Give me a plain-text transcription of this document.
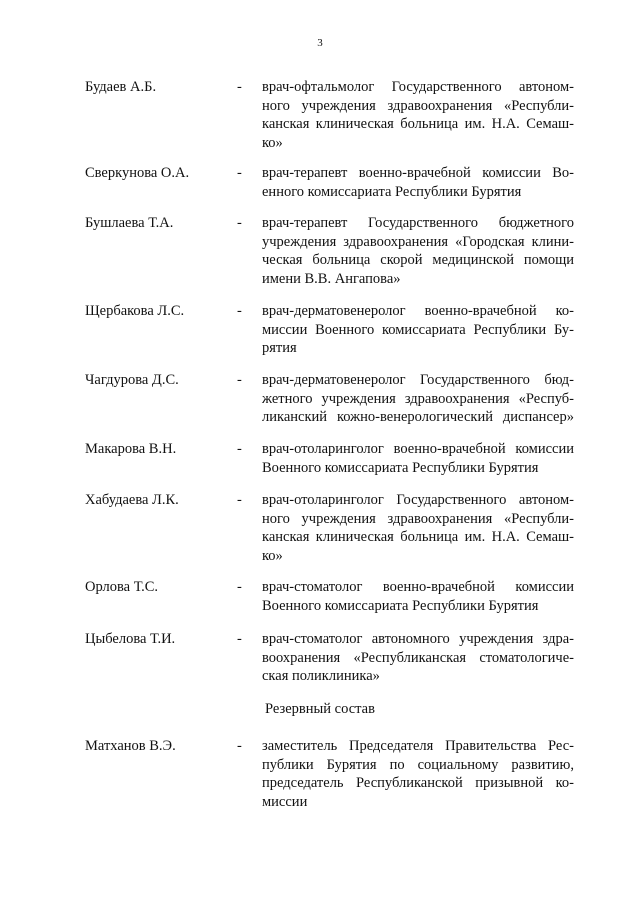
3
Будаев А.Б.	- врач-офтальмолог Государственного автоном-
ного учреждения здравоохранения «Республи-
канская клиническая больница им. Н.А. Семаш-
ко»
Сверкунова О.А.	- врач-терапевт военно-врачебной комиссии Во-
енного комиссариата Республики Бурятия
Бушлаева Т.А.	- врач-терапевт Государственного бюджетного
учреждения здравоохранения «Городская клини-
ческая больница скорой медицинской помощи
имени В.В. Ангапова»
Щербакова Л.С.	- врач-дерматовенеролог военно-врачебной ко-
миссии Военного комиссариата Республики Бу-
рятия
Чагдурова Д.С.	- врач-дерматовенеролог Государственного бюд-
жетного учреждения здравоохранения «Респуб-
ликанский кожно-венерологический диспансер»
Макарова В.Н.	- врач-отоларинголог военно-врачебной комиссии
Военного комиссариата Республики Бурятия
Хабудаева Л.К.	- врач-отоларинголог Государственного автоном-
ного учреждения здравоохранения «Республи-
канская клиническая больница им. Н.А. Семаш-
ко»
Орлова Т.С.	- врач-стоматолог военно-врачебной комиссии
Военного комиссариата Республики Бурятия
Цыбелова Т.И.	- врач-стоматолог автономного учреждения здра-
воохранения «Республиканская стоматологиче-
ская поликлиника»
Резервный состав
Матханов В.Э.	- заместитель Председателя Правительства Рес-
публики Бурятия по социальному развитию,
председатель Республиканской призывной ко-
миссии
